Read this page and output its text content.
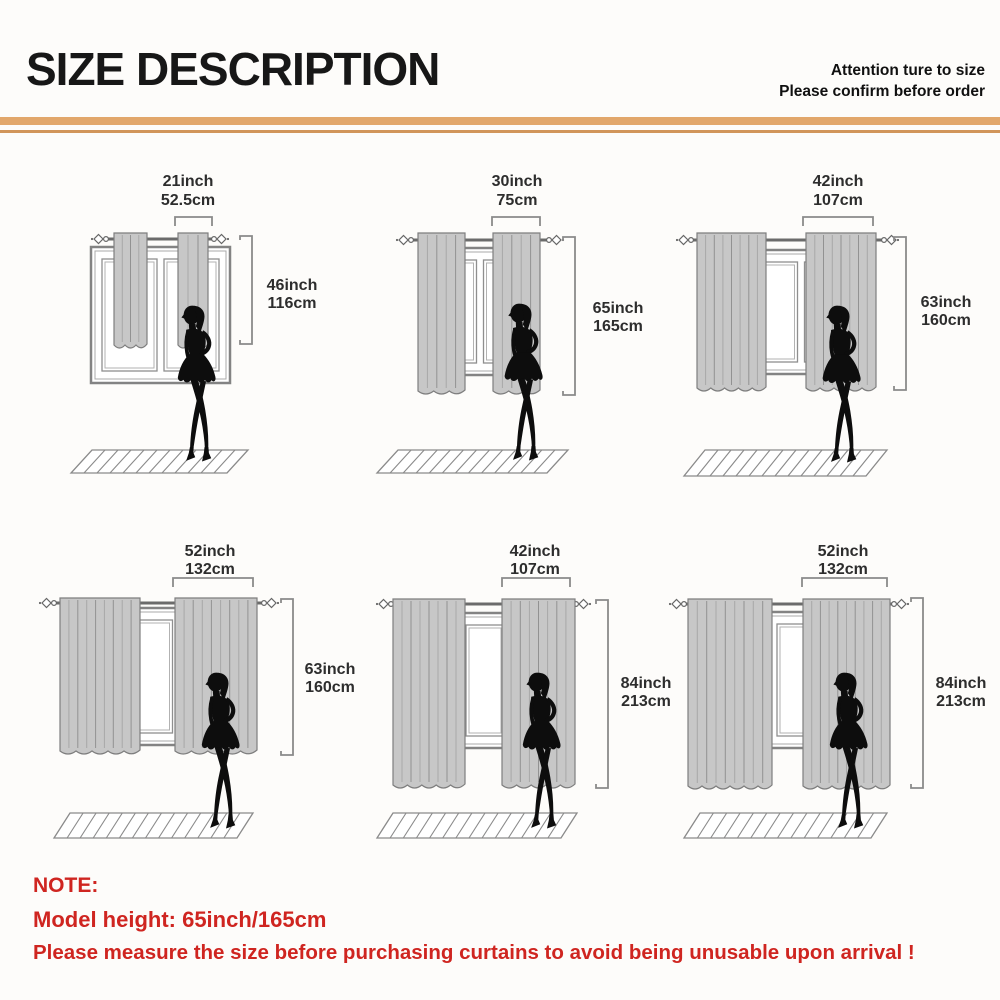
SIZE DESCRIPTION	Attention ture to size
Please confirm before order
21inch
52.5cm
46inch
116cm
30inch
75cm
65inch
165cm
42inch
107cm
63inch
160cm
52inch
132cm
63inch
160cm
42inch
107cm
84inch
213cm
52inch
132cm
84inch
213cm
NOTE:
Model height: 65inch/165cm
Please measure the size before purchasing curtains to avoid being unusable upon arrival !
